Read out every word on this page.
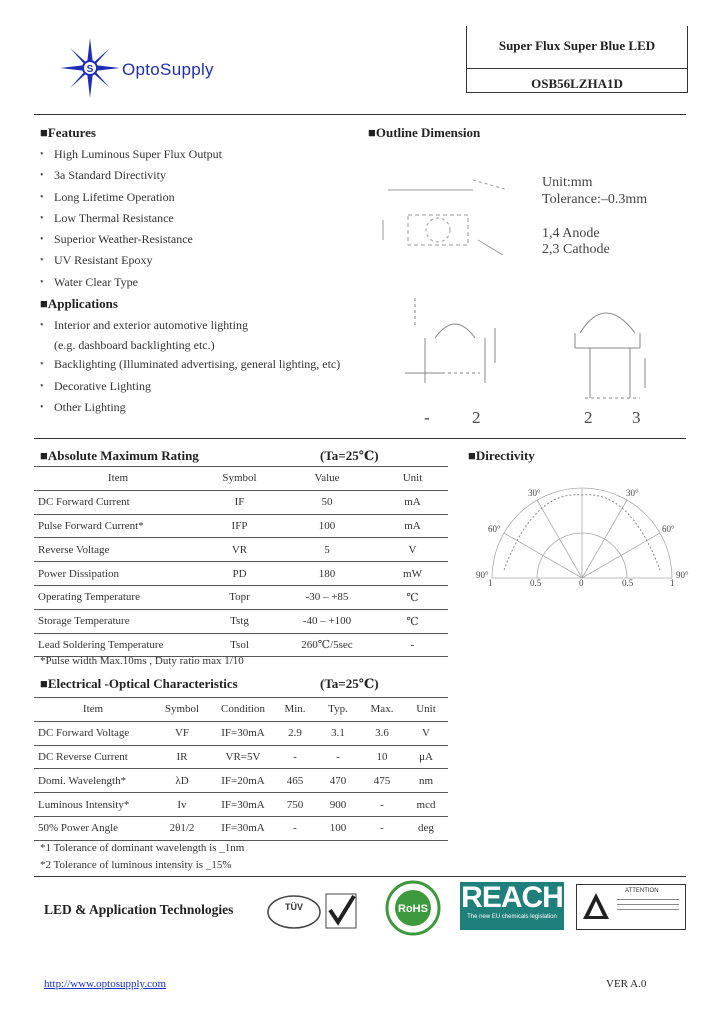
S OptoSupply
Super Flux Super Blue LED
OSB56LZHA1D
■Features
• High Luminous Super Flux Output
• 3a Standard Directivity
• Long Lifetime Operation
• Low Thermal Resistance
• Superior Weather-Resistance
• UV Resistant Epoxy
• Water Clear Type
■Applications
• Interior and exterior automotive lighting
(e.g. dashboard backlighting etc.)
• Backlighting (Illuminated advertising, general lighting, etc)
• Decorative Lighting
• Other Lighting
■Outline Dimension
Unit:mm
Tolerance:–0.3mm
1,4 Anode
2,3 Cathode
- 2	2 3
■Absolute Maximum Rating	(Ta=25℃)
Item	Symbol	Value	Unit
DC Forward Current	IF	50	mA
Pulse Forward Current*	IFP	100	mA
Reverse Voltage	VR	5	V
Power Dissipation	PD	180	mW
Operating Temperature	Topr	-30 – +85	℃
Storage Temperature	Tstg	-40 – +100	℃
Lead Soldering Temperature	Tsol	260℃/5sec	-
*Pulse width Max.10ms , Duty ratio max 1/10
■Directivity
30°	30°
60°	60°
90°	90°
1	0.5	0	0.5	1
■Electrical -Optical Characteristics	(Ta=25℃)
Item	Symbol	Condition	Min.	Typ.	Max.	Unit
DC Forward Voltage	VF	IF=30mA	2.9	3.1	3.6	V
DC Reverse Current	IR	VR=5V	-	-	10	μA
Domi. Wavelength*	λD	IF=20mA	465	470	475	nm
Luminous Intensity*	Iv	IF=30mA	750	900	-	mcd
50% Power Angle	2θ1/2	IF=30mA	-	100	-	deg
*1 Tolerance of dominant wavelength is _1nm
*2 Tolerance of luminous intensity is _15%
LED & Application Technologies	TÜV	RoHS REACH
The new EU chemicals legislation
ATTENTION
http://www.optosupply.com	VER A.0
